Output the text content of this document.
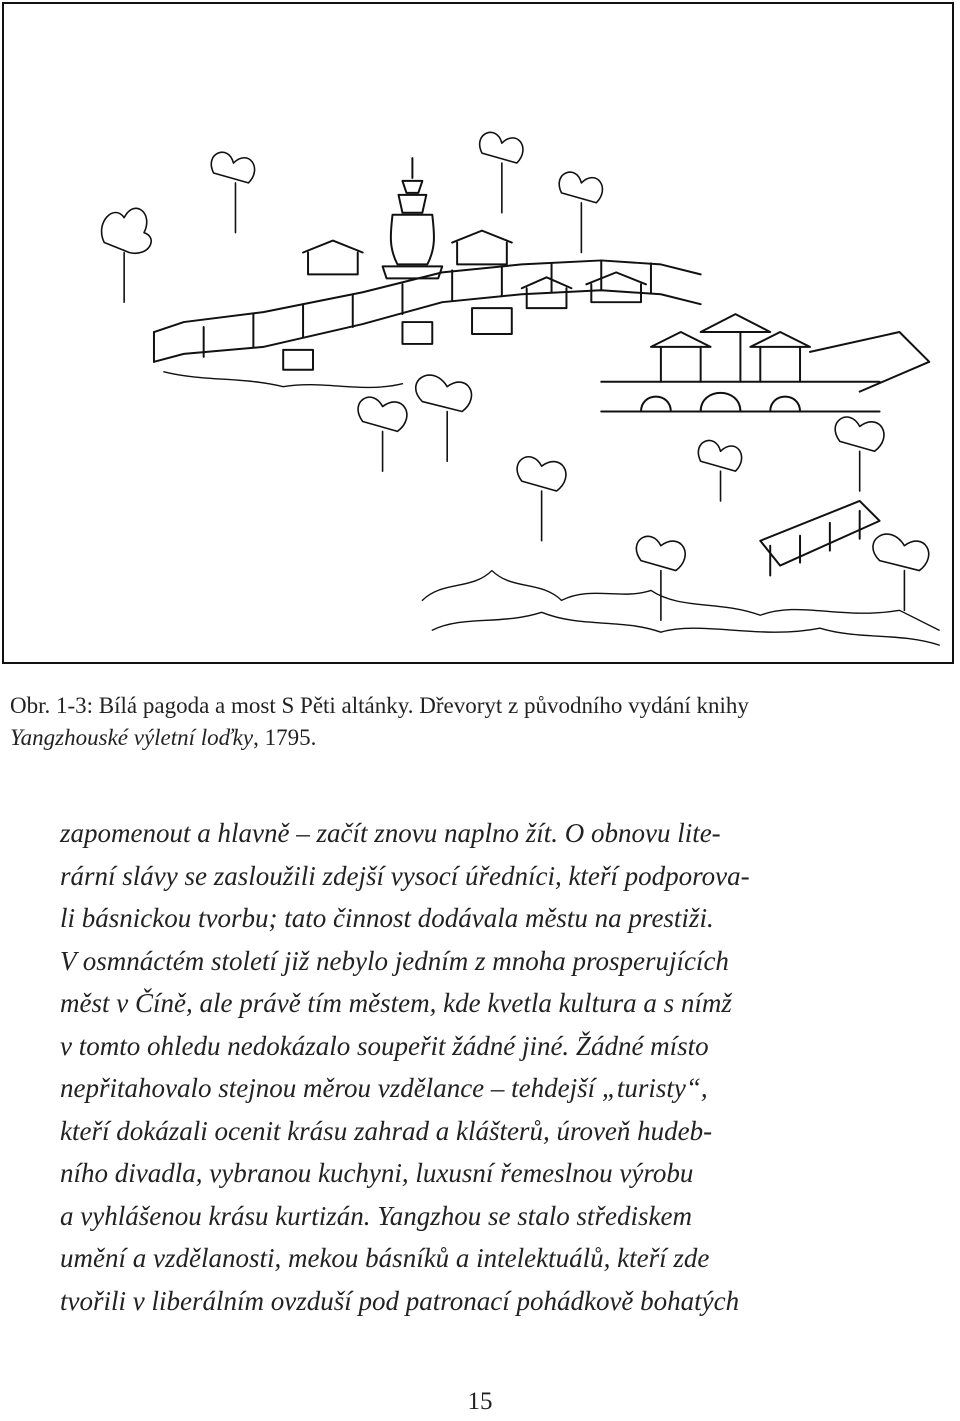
Obr. 1-3: Bílá pagoda a most S Pěti altánky. Dřevoryt z původního vydání knihy
Yangzhouské výletní loďky, 1795.

zapomenout a hlavně – začít znovu naplno žít. O obnovu lite-
rární slávy se zasloužili zdejší vysocí úředníci, kteří podporova-
li básnickou tvorbu; tato činnost dodávala městu na prestiži.
V osmnáctém století již nebylo jedním z mnoha prosperujících
měst v Číně, ale právě tím městem, kde kvetla kultura a s nímž
v tomto ohledu nedokázalo soupeřit žádné jiné. Žádné místo
nepřitahovalo stejnou měrou vzdělance – tehdejší „turisty“,
kteří dokázali ocenit krásu zahrad a klášterů, úroveň hudeb-
ního divadla, vybranou kuchyni, luxusní řemeslnou výrobu
a vyhlášenou krásu kurtizán. Yangzhou se stalo střediskem
umění a vzdělanosti, mekou básníků a intelektuálů, kteří zde
tvořili v liberálním ovzduší pod patronací pohádkově bohatých

15
